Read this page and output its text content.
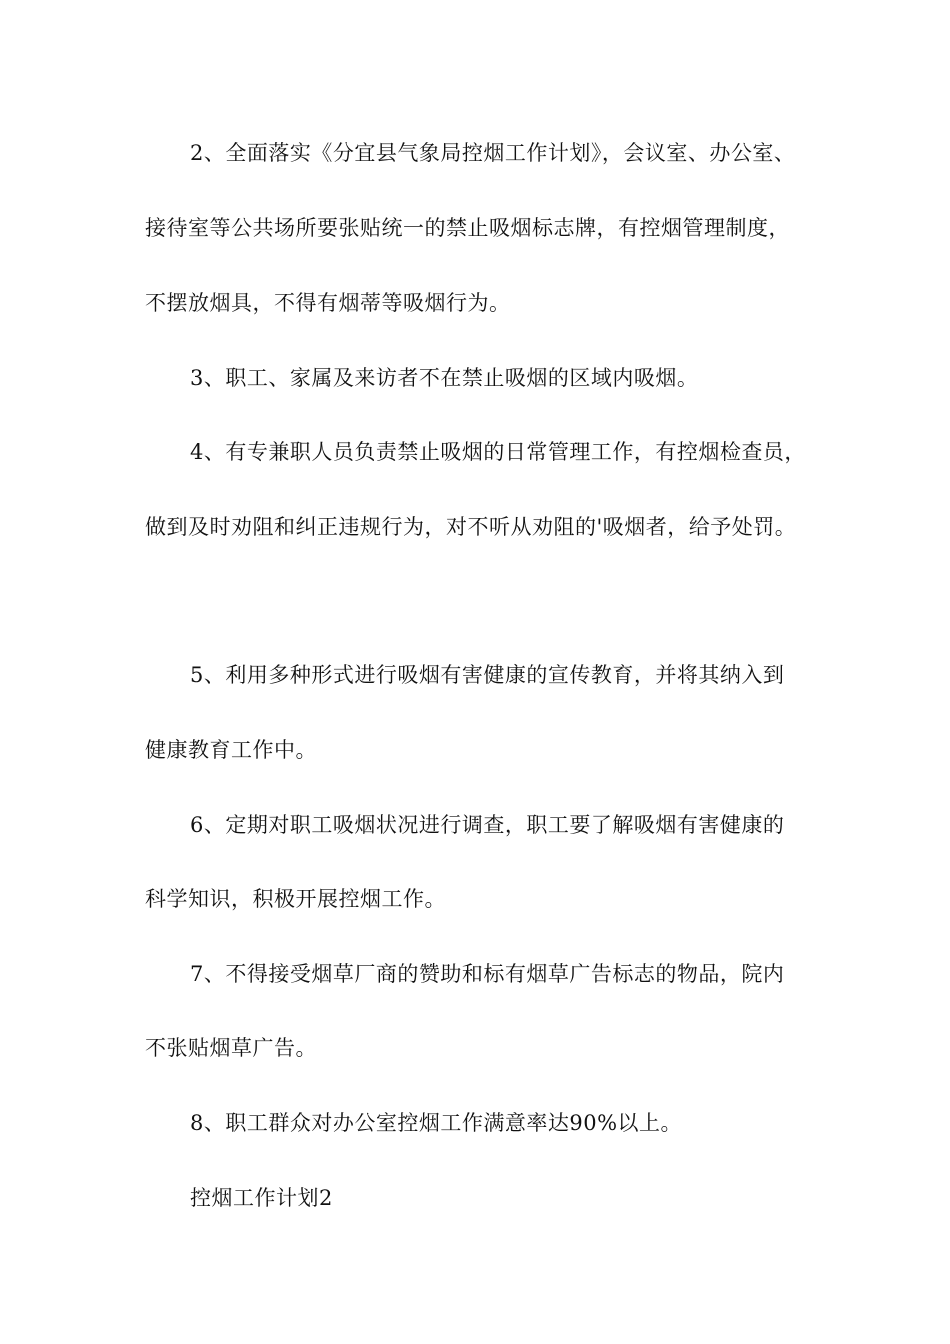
2、全面落实《分宜县气象局控烟工作计划》，会议室、办公室、
接待室等公共场所要张贴统一的禁止吸烟标志牌，有控烟管理制度，
不摆放烟具，不得有烟蒂等吸烟行为。
3、职工、家属及来访者不在禁止吸烟的区域内吸烟。
4、有专兼职人员负责禁止吸烟的日常管理工作，有控烟检查员，
做到及时劝阻和纠正违规行为，对不听从劝阻的'吸烟者，给予处罚。
5、利用多种形式进行吸烟有害健康的宣传教育，并将其纳入到
健康教育工作中。
6、定期对职工吸烟状况进行调查，职工要了解吸烟有害健康的
科学知识，积极开展控烟工作。
7、不得接受烟草厂商的赞助和标有烟草广告标志的物品，院内
不张贴烟草广告。
8、职工群众对办公室控烟工作满意率达90%以上。
控烟工作计划2
